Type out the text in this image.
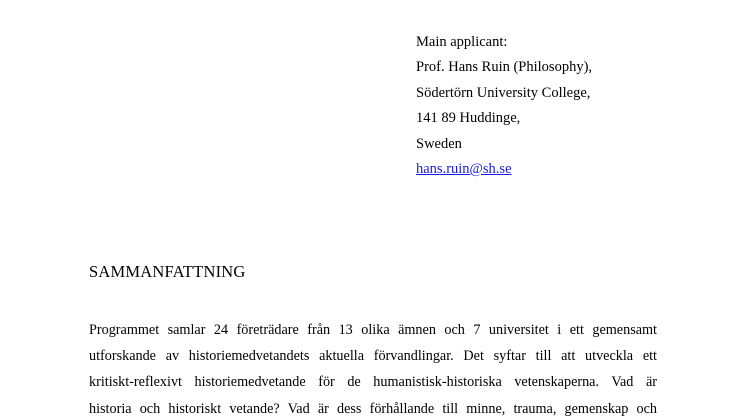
Main applicant:
Prof. Hans Ruin (Philosophy),
Södertörn University College,
141 89 Huddinge,
Sweden
hans.ruin@sh.se
SAMMANFATTNING
Programmet samlar 24 företrädare från 13 olika ämnen och 7 universitet i ett gemensamt
utforskande av historiemedvetandets aktuella förvandlingar. Det syftar till att utveckla ett
kritiskt-reflexivt historiemedvetande för de humanistisk-historiska vetenskaperna. Vad är
historia och historiskt vetande? Vad är dess förhållande till minne, trauma, gemenskap och
